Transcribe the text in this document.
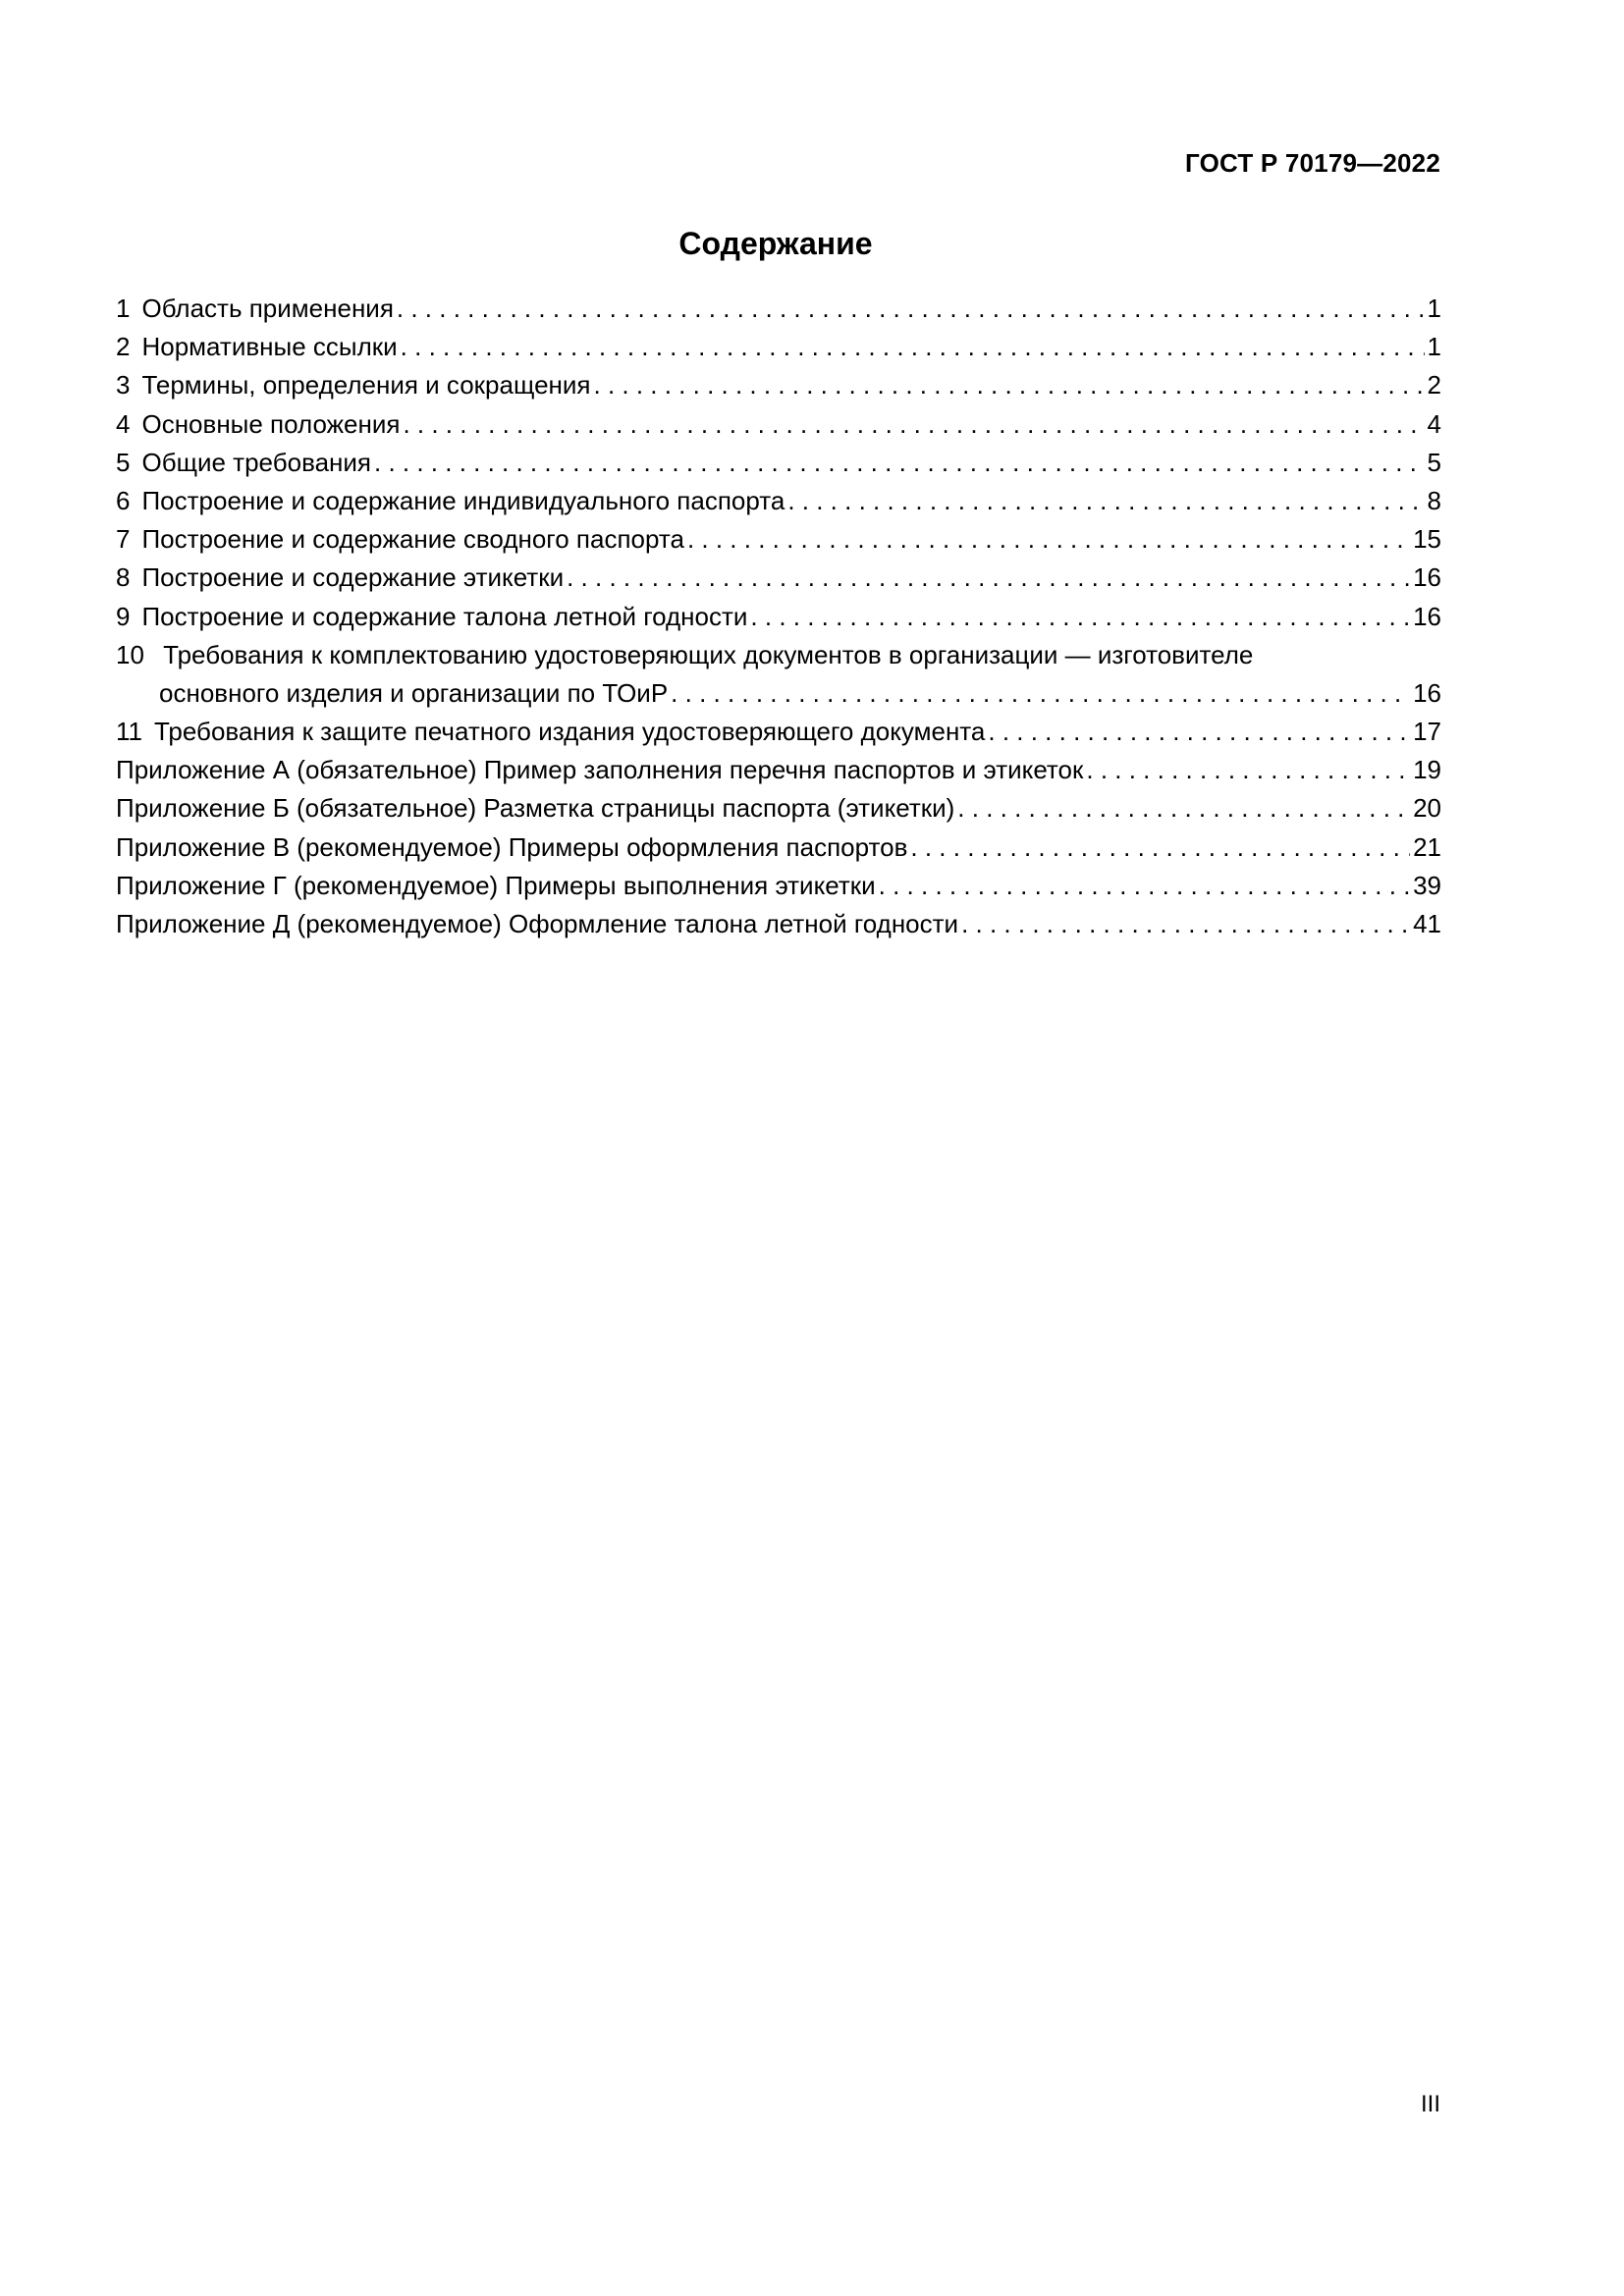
ГОСТ Р 70179—2022
Содержание
1 Область применения . . .	1
2 Нормативные ссылки . . .	1
3 Термины, определения и сокращения . . .	2
4 Основные положения . . .	4
5 Общие требования . . .	5
6 Построение и содержание индивидуального паспорта . . .	8
7 Построение и содержание сводного паспорта . . .	15
8 Построение и содержание этикетки . . .	16
9 Построение и содержание талона летной годности . . .	16
10 Требования к комплектованию удостоверяющих документов в организации — изготовителе
основного изделия и организации по ТОиР . . .	16
11 Требования к защите печатного издания удостоверяющего документа . . .	17
Приложение А (обязательное) Пример заполнения перечня паспортов и этикеток . . .	19
Приложение Б (обязательное) Разметка страницы паспорта (этикетки) . . .	20
Приложение В (рекомендуемое) Примеры оформления паспортов . . .	21
Приложение Г (рекомендуемое) Примеры выполнения этикетки . . .	39
Приложение Д (рекомендуемое) Оформление талона летной годности . . .	41
III
